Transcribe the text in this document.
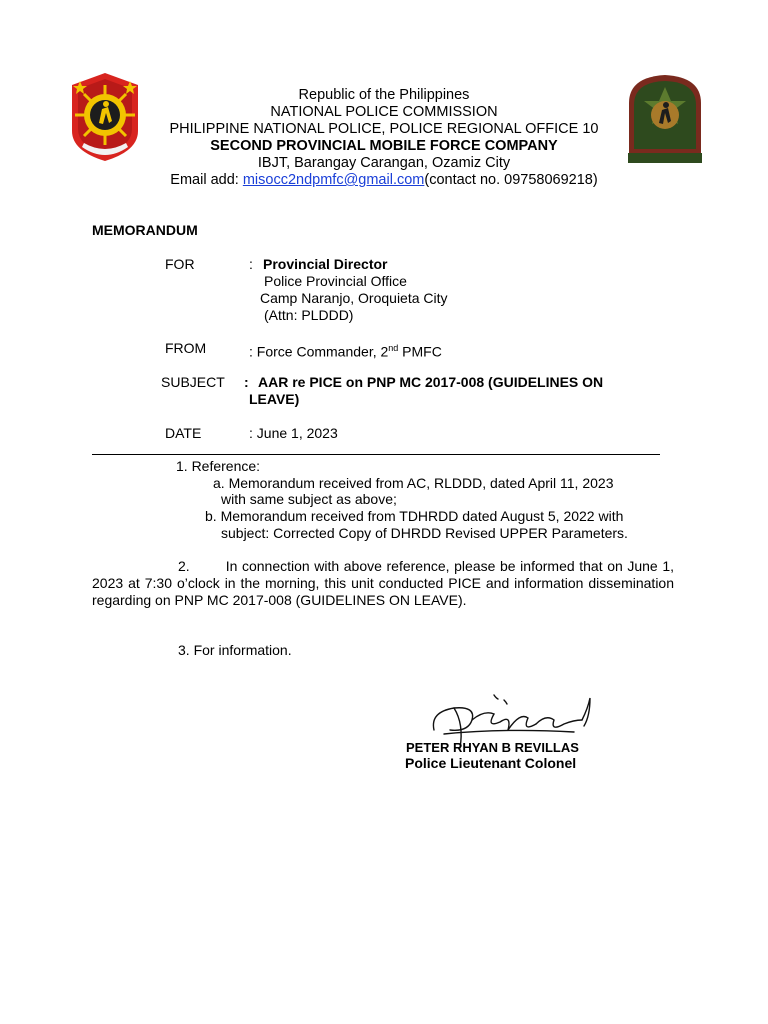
Republic of the Philippines
NATIONAL POLICE COMMISSION
PHILIPPINE NATIONAL POLICE, POLICE REGIONAL OFFICE 10
SECOND PROVINCIAL MOBILE FORCE COMPANY
IBJT, Barangay Carangan, Ozamiz City
Email add: misocc2ndpmfc@gmail.com(contact no. 09758069218)
MEMORANDUM
FOR	: Provincial Director
Police Provincial Office
Camp Naranjo, Oroquieta City
(Attn: PLDDD)
FROM	: Force Commander, 2nd PMFC
SUBJECT : AAR re PICE on PNP MC 2017-008 (GUIDELINES ON
LEAVE)
DATE	: June 1, 2023
1. Reference:
a. Memorandum received from AC, RLDDD, dated April 11, 2023
with same subject as above;
b. Memorandum received from TDHRDD dated August 5, 2022 with
subject: Corrected Copy of DHRDD Revised UPPER Parameters.
2.	In connection with above reference, please be informed that on June 1, 2023 at 7:30 o’clock in the morning, this unit conducted PICE and information dissemination regarding on PNP MC 2017-008 (GUIDELINES ON LEAVE).
3. For information.
PETER RHYAN B REVILLAS
Police Lieutenant Colonel
